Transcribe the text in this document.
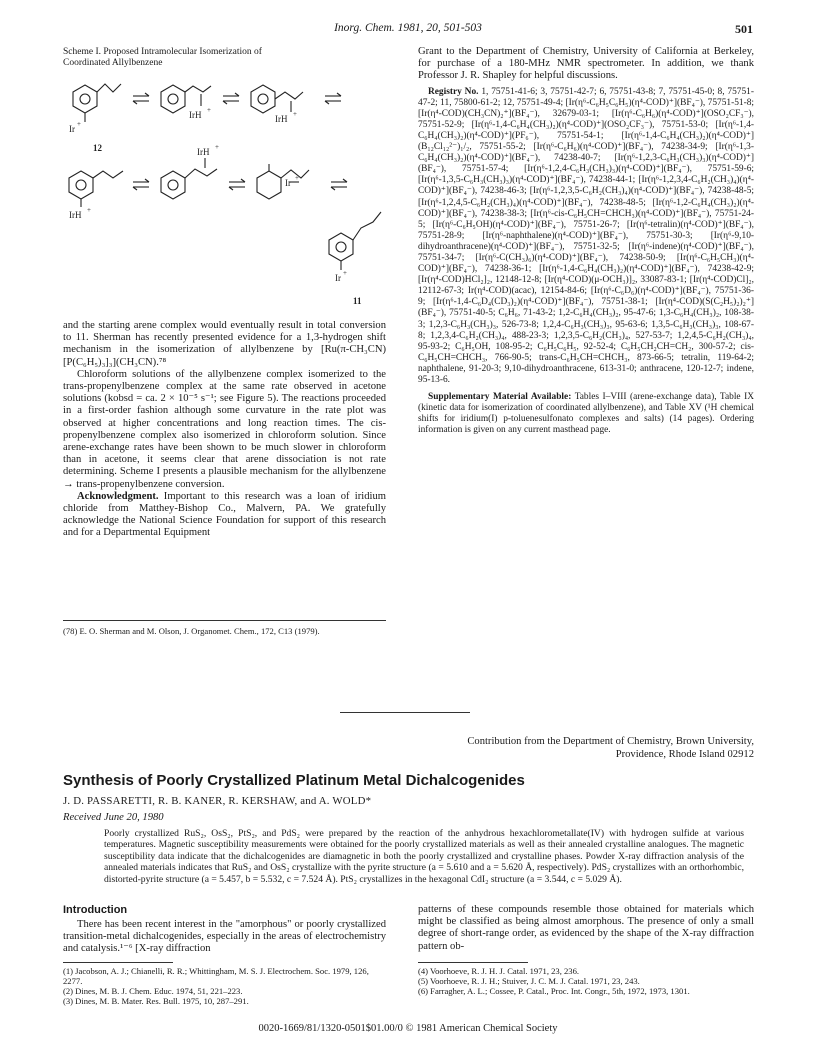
Inorg. Chem. 1981, 20, 501-503	501
Scheme I. Proposed Intramolecular Isomerization of
Coordinated Allylbenzene
Ir +
12
IrH +
IrH +
IrH +
IrH +
Ir +
Ir +
11

and the starting arene complex would eventually result in total conversion to 11. Sherman has recently presented evidence for a 1,3-hydrogen shift mechanism in the isomerization of allylbenzene by [Ru(π-CH₃CN)[P(C₆H₅)₃]₃](CH₃CN).⁷⁸

Chloroform solutions of the allylbenzene complex isomerized to the trans-propenylbenzene complex at the same rate observed in acetone solutions (kobsd = ca. 2 × 10⁻⁵ s⁻¹; see Figure 5). The reactions proceeded in a first-order fashion although some curvature in the rate plot was observed at higher concentrations and long reaction times. The cis-propenylbenzene complex also isomerized in chloroform solution. Since arene-exchange rates have been shown to be much slower in chloroform than in acetone, it seems clear that arene dissociation is not rate determining. Scheme I presents a plausible mechanism for the allylbenzene → trans-propenylbenzene conversion.

Acknowledgment. Important to this research was a loan of iridium chloride from Matthey-Bishop Co., Malvern, PA. We gratefully acknowledge the National Science Foundation for support of this research and for a Departmental Equipment

(78) E. O. Sherman and M. Olson, J. Organomet. Chem., 172, C13 (1979).

Grant to the Department of Chemistry, University of California at Berkeley, for purchase of a 180-MHz NMR spectrometer. In addition, we thank Professor J. R. Shapley for helpful discussions.

Registry No. 1, 75751-41-6; 3, 75751-42-7; 6, 75751-43-8; 7, 75751-45-0; 8, 75751-47-2; 11, 75800-61-2; 12, 75751-49-4; [Ir(η⁶-C₆H₅C₆H₅)(η⁴-COD)⁺](BF₄⁻), 75751-51-8; [Ir(η⁴-COD)(CH₃CN)₂⁺](BF₄⁻), 32679-03-1; [Ir(η⁶-C₆H₆)(η⁴-COD)⁺](OSO₂CF₃⁻), 75751-52-9; [Ir(η⁶-1,4-C₆H₄(CH₃)₂)(η⁴-COD)⁺](OSO₂CF₃⁻), 75751-53-0; [Ir(η⁶-1,4-C₆H₄(CH₃)₂)(η⁴-COD)⁺](PF₆⁻), 75751-54-1; [Ir(η⁶-1,4-C₆H₄(CH₃)₂)(η⁴-COD)⁺](B₁₂Cl₁₂²⁻)₁/₂, 75751-55-2; [Ir(η⁶-C₆H₆)(η⁴-COD)⁺](BF₄⁻), 74238-34-9; [Ir(η⁶-1,3-C₆H₄(CH₃)₂)(η⁴-COD)⁺](BF₄⁻), 74238-40-7; [Ir(η⁶-1,2,3-C₆H₃(CH₃)₃)(η⁴-COD)⁺](BF₄⁻), 75751-57-4; [Ir(η⁶-1,2,4-C₆H₃(CH₃)₃)(η⁴-COD)⁺](BF₄⁻), 75751-59-6; [Ir(η⁶-1,3,5-C₆H₃(CH₃)₃)(η⁴-COD)⁺](BF₄⁻), 74238-44-1; [Ir(η⁶-1,2,3,4-C₆H₂(CH₃)₄)(η⁴-COD)⁺](BF₄⁻), 74238-46-3; [Ir(η⁶-1,2,3,5-C₆H₂(CH₃)₄)(η⁴-COD)⁺](BF₄⁻), 74238-48-5; [Ir(η⁶-1,2,4,5-C₆H₂(CH₃)₄)(η⁴-COD)⁺](BF₄⁻), 74238-48-5; [Ir(η⁶-1,2-C₆H₄(CH₃)₂)(η⁴-COD)⁺](BF₄⁻), 74238-38-3; [Ir(η⁶-cis-C₆H₅CH=CHCH₃)(η⁴-COD)⁺](BF₄⁻), 75751-24-5; [Ir(η⁶-C₆H₅OH)(η⁴-COD)⁺](BF₄⁻), 75751-26-7; [Ir(η⁶-tetralin)(η⁴-COD)⁺](BF₄⁻), 75751-28-9; [Ir(η⁶-naphthalene)(η⁴-COD)⁺](BF₄⁻), 75751-30-3; [Ir(η⁶-9,10-dihydroanthracene)(η⁴-COD)⁺](BF₄⁻), 75751-32-5; [Ir(η⁶-indene)(η⁴-COD)⁺](BF₄⁻), 75751-34-7; [Ir(η⁶-C(CH₃)₆)(η⁴-COD)⁺](BF₄⁻), 74238-50-9; [Ir(η⁶-C₆H₅CH₃)(η⁴-COD)⁺](BF₄⁻), 74238-36-1; [Ir(η⁶-1,4-C₆H₄(CH₃)₂)(η⁴-COD)⁺](BF₄⁻), 74238-42-9; [Ir(η⁴-COD)HCl₂]₂, 12148-12-8; [Ir(η⁴-COD)(μ-OCH₃)]₂, 33087-83-1; [Ir(η⁴-COD)Cl]₂, 12112-67-3; Ir(η⁴-COD)(acac), 12154-84-6; [Ir(η⁶-C₆D₆)(η⁴-COD)⁺](BF₄⁻), 75751-36-9; [Ir(η⁶-1,4-C₆D₄(CD₃)₂)(η⁴-COD)⁺](BF₄⁻), 75751-38-1; [Ir(η⁴-COD)(S(C₂H₅)₂)₂⁺](BF₄⁻), 75751-40-5; C₆H₆, 71-43-2; 1,2-C₆H₄(CH₃)₂, 95-47-6; 1,3-C₆H₄(CH₃)₂, 108-38-3; 1,2,3-C₆H₃(CH₃)₃, 526-73-8; 1,2,4-C₆H₃(CH₃)₃, 95-63-6; 1,3,5-C₆H₃(CH₃)₃, 108-67-8; 1,2,3,4-C₆H₂(CH₃)₄, 488-23-3; 1,2,3,5-C₆H₂(CH₃)₄, 527-53-7; 1,2,4,5-C₆H₂(CH₃)₄, 95-93-2; C₆H₅OH, 108-95-2; C₆H₅C₆H₅, 92-52-4; C₆H₅CH₂CH=CH₂, 300-57-2; cis-C₆H₅CH=CHCH₃, 766-90-5; trans-C₆H₅CH=CHCH₃, 873-66-5; tetralin, 119-64-2; naphthalene, 91-20-3; 9,10-dihydroanthracene, 613-31-0; anthracene, 120-12-7; indene, 95-13-6.

Supplementary Material Available: Tables I–VIII (arene-exchange data), Table IX (kinetic data for isomerization of coordinated allylbenzene), and Table XV (¹H chemical shifts for iridium(I) p-toluenesulfonato complexes and salts) (14 pages). Ordering information is given on any current masthead page.

Contribution from the Department of Chemistry, Brown University,
Providence, Rhode Island 02912
Synthesis of Poorly Crystallized Platinum Metal Dichalcogenides
J. D. PASSARETTI, R. B. KANER, R. KERSHAW, and A. WOLD*
Received June 20, 1980
Poorly crystallized RuS₂, OsS₂, PtS₂, and PdS₂ were prepared by the reaction of the anhydrous hexachlorometallate(IV) with hydrogen sulfide at various temperatures. Magnetic susceptibility measurements were obtained for the poorly crystallized materials as well as their annealed crystalline analogues. The magnetic susceptibility data indicate that the dichalcogenides are diamagnetic in both the poorly crystallized and crystalline phases. Powder X-ray diffraction analysis of the annealed materials indicates that RuS₂ and OsS₂ crystallize with the pyrite structure (a = 5.610 and a = 5.620 Å, respectively). PdS₂ crystallizes with an orthorhombic, distorted-pyrite structure (a = 5.457, b = 5.532, c = 7.524 Å). PtS₂ crystallizes in the hexagonal CdI₂ structure (a = 3.544, c = 5.029 Å).
Introduction

There has been recent interest in the "amorphous" or poorly crystallized transition-metal dichalcogenides, especially in the areas of electrochemistry and catalysis.¹⁻⁶ [X-ray diffraction

patterns of these compounds resemble those obtained for materials which might be classified as being almost amorphous. The presence of only a small degree of short-range order, as evidenced by the shape of the X-ray diffraction pattern ob-

(1) Jacobson, A. J.; Chianelli, R. R.; Whittingham, M. S. J. Electrochem. Soc. 1979, 126, 2277.
(2) Dines, M. B. J. Chem. Educ. 1974, 51, 221–223.
(3) Dines, M. B. Mater. Res. Bull. 1975, 10, 287–291.
(4) Voorhoeve, R. J. H. J. Catal. 1971, 23, 236.
(5) Voorhoeve, R. J. H.; Stuiver, J. C. M. J. Catal. 1971, 23, 243.
(6) Farragher, A. L.; Cossee, P. Catal., Proc. Int. Congr., 5th, 1972, 1973, 1301.
0020-1669/81/1320-0501$01.00/0 © 1981 American Chemical Society
